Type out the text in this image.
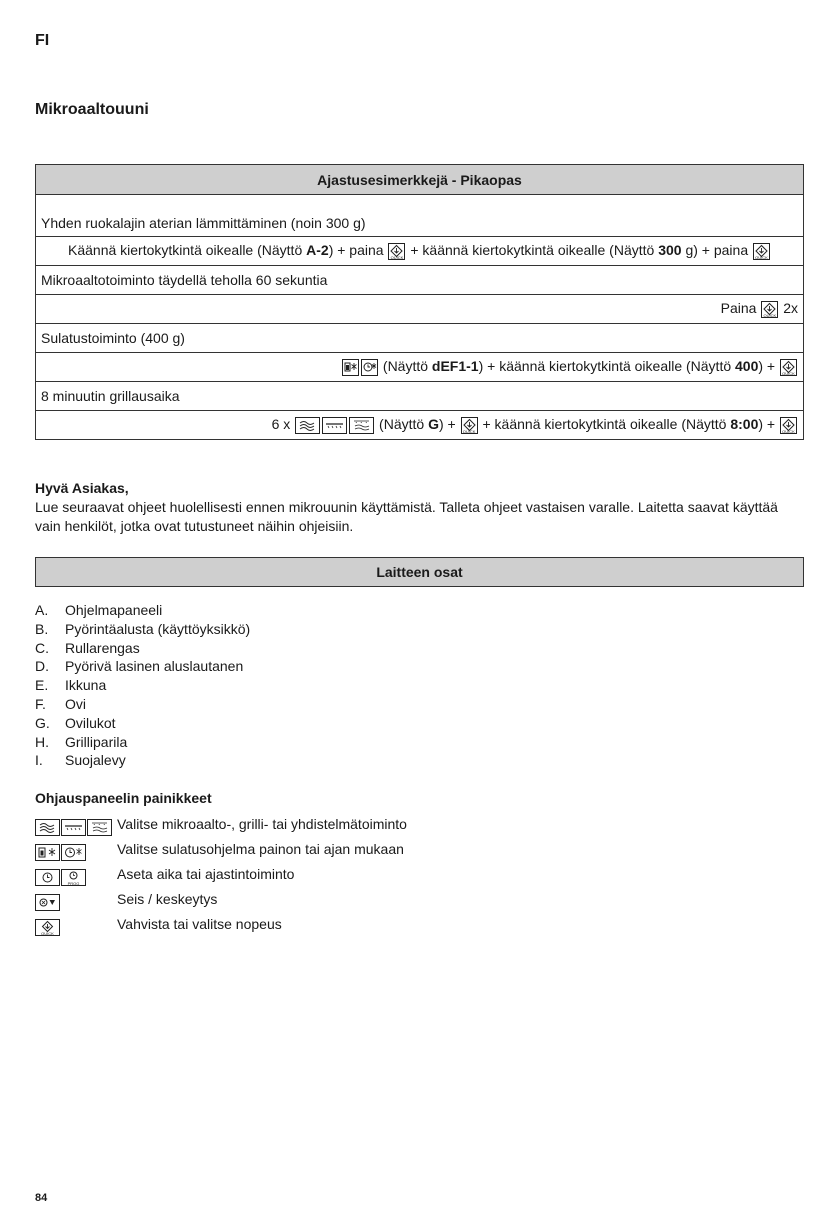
FI
Mikroaaltouuni
Ajastusesimerkkejä - Pikaopas

Yhden ruokalajin aterian lämmittäminen (noin 300 g)
Käännä kiertokytkintä oikealle (Näyttö A-2) + paina QUICK + käännä kiertokytkintä oikealle (Näyttö 300 g) + paina QUICK

Mikroaaltotoiminto täydellä teholla 60 sekuntia
Paina QUICK 2x
Sulatustoiminto (400 g)

(Näyttö dEF1-1) + käännä kiertokytkintä oikealle (Näyttö 400) + QUICK

8 minuutin grillausaika
6 x	(Näyttö G) + QUICK + käännä kiertokytkintä oikealle (Näyttö 8:00) + QUICK
Hyvä Asiakas,
Lue seuraavat ohjeet huolellisesti ennen mikrouunin käyttämistä. Talleta ohjeet vastaisen varalle. Laitetta saavat käyttää vain henkilöt, jotka ovat tutustuneet näihin ohjeisiin.
Laitteen osat
A. Ohjelmapaneeli
B. Pyörintäalusta (käyttöyksikkö)
C. Rullarengas
D. Pyörivä lasinen aluslautanen
E. Ikkuna
F. Ovi
G. Ovilukot
H. Grilliparila
I. Suojalevy
Ohjauspaneelin painikkeet
Valitse mikroaalto-, grilli- tai yhdistelmätoiminto
Valitse sulatusohjelma painon tai ajan mukaan
PROG
Aseta aika tai ajastintoiminto
Seis / keskeytys
QUICK
Vahvista tai valitse nopeus
84
